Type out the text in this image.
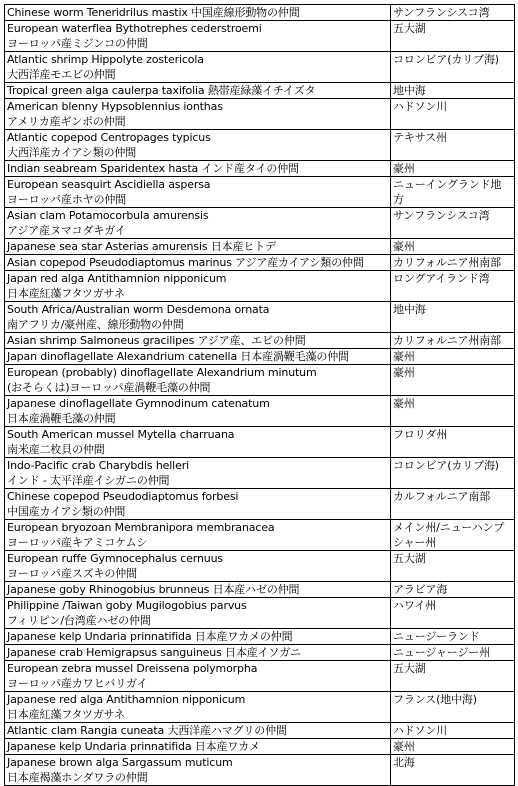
Chinese worm Teneridrilus mastix 中国産線形動物の仲間	サンフランシスコ湾

European waterflea Bythotrephes cederstroemi
ヨーロッパ産ミジンコの仲間	五大湖

Atlantic shrimp Hippolyte zostericola
大西洋産モエビの仲間	コロンビア(カリブ海)

Tropical green alga caulerpa taxifolia 熱帯産緑藻イチイズタ	地中海

American blenny Hypsoblennius ionthas
アメリカ産ギンポの仲間	ハドソン川

Atlantic copepod Centropages typicus
大西洋産カイアシ類の仲間	テキサス州

Indian seabream Sparidentex hasta インド産タイの仲間	豪州

European seasquirt Ascidiella aspersa
ヨーロッパ産ホヤの仲間	ニューイングランド地方

Asian clam Potamocorbula amurensis
アジア産ヌマコダキガイ	サンフランシスコ湾

Japanese sea star Asterias amurensis 日本産ヒトデ	豪州

Asian copepod Pseudodiaptomus marinus アジア産カイアシ類の仲間	カリフォルニア州南部

Japan red alga Antithamnion nipponicum
日本産紅藻フタツガサネ	ロングアイランド湾

South Africa/Australian worm Desdemona ornata
南アフリカ/豪州産、線形動物の仲間	地中海

Asian shrimp Salmoneus gracilipes アジア産、エビの仲間	カリフォルニア州南部

Japan dinoflagellate Alexandrium catenella 日本産渦鞭毛藻の仲間	豪州

European (probably) dinoflagellate Alexandrium minutum
(おそらくは)ヨーロッパ産渦鞭毛藻の仲間	豪州

Japanese dinoflagellate Gymnodinum catenatum
日本産渦鞭毛藻の仲間	豪州

South American mussel Mytella charruana
南米産二枚貝の仲間	フロリダ州

Indo-Pacific crab Charybdis helleri
インド - 太平洋産イシガニの仲間	コロンビア(カリブ海)

Chinese copepod Pseudodiaptomus forbesi
中国産カイアシ類の仲間	カルフォルニア南部

European bryozoan Membranipora membranacea
ヨーロッパ産キアミコケムシ	メイン州/ニューハンプシャー州

European ruffe Gymnocephalus cernuus
ヨーロッパ産スズキの仲間	五大湖

Japanese goby Rhinogobius brunneus 日本産ハゼの仲間	アラビア海

Philippine /Taiwan goby Mugilogobius parvus
フィリピン/台湾産ハゼの仲間	ハワイ州

Japanese kelp Undaria prinnatifida 日本産ワカメの仲間	ニュージーランド

Japanese crab Hemigrapsus sanguineus 日本産イソガニ	ニュージャージー州

European zebra mussel Dreissena polymorpha
ヨーロッパ産カワヒバリガイ	五大湖

Japanese red alga Antithamnion nipponicum
日本産紅藻フタツガサネ	フランス(地中海)

Atlantic clam Rangia cuneata 大西洋産ハマグリの仲間	ハドソン川

Japanese kelp Undaria prinnatifida 日本産ワカメ	豪州

Japanese brown alga Sargassum muticum
日本産褐藻ホンダワラの仲間	北海
